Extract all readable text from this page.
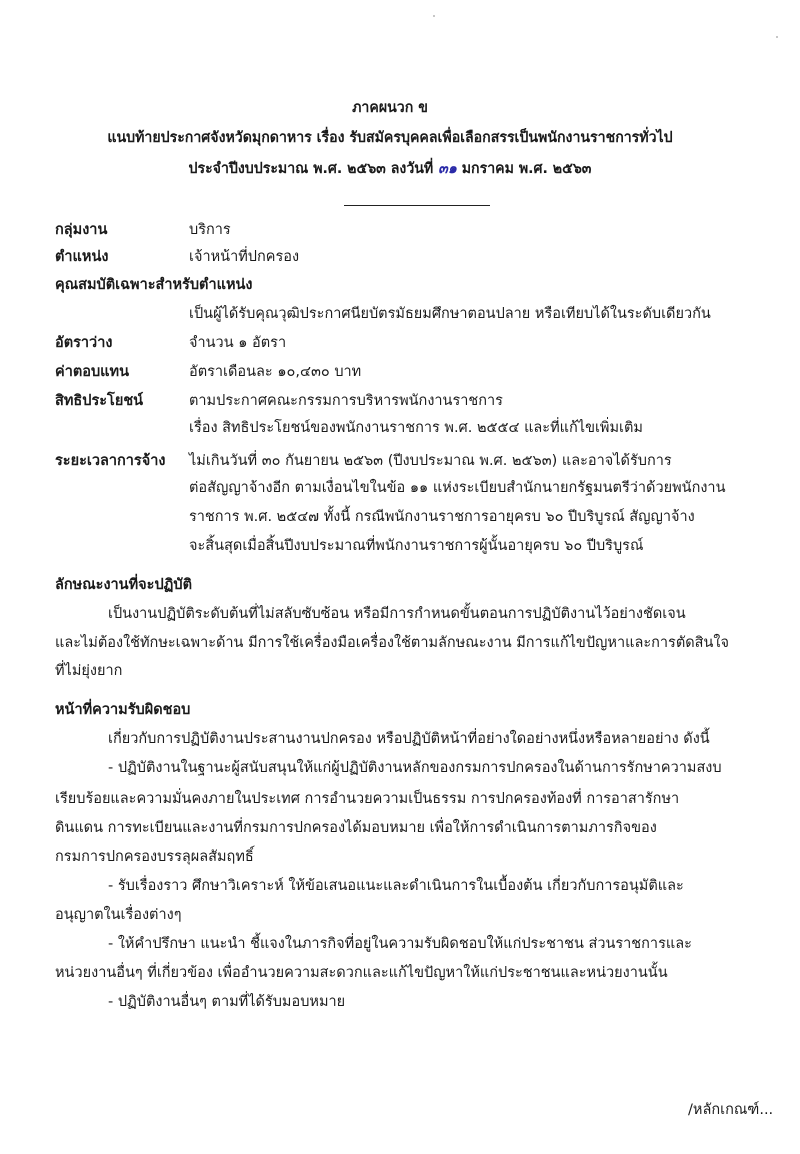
ภาคผนวก ข
แนบท้ายประกาศจังหวัดมุกดาหาร เรื่อง รับสมัครบุคคลเพื่อเลือกสรรเป็นพนักงานราชการทั่วไป
ประจำปีงบประมาณ พ.ศ. ๒๕๖๓ ลงวันที่ ๓๑ มกราคม พ.ศ. ๒๕๖๓
กลุ่มงาน	บริการ
ตำแหน่ง	เจ้าหน้าที่ปกครอง
คุณสมบัติเฉพาะสำหรับตำแหน่ง
เป็นผู้ได้รับคุณวุฒิประกาศนียบัตรมัธยมศึกษาตอนปลาย หรือเทียบได้ในระดับเดียวกัน
อัตราว่าง	จำนวน ๑ อัตรา
ค่าตอบแทน	อัตราเดือนละ ๑๐,๔๓๐ บาท
สิทธิประโยชน์	ตามประกาศคณะกรรมการบริหารพนักงานราชการ
เรื่อง สิทธิประโยชน์ของพนักงานราชการ พ.ศ. ๒๕๕๔ และที่แก้ไขเพิ่มเติม
ระยะเวลาการจ้าง ไม่เกินวันที่ ๓๐ กันยายน ๒๕๖๓ (ปีงบประมาณ พ.ศ. ๒๕๖๓) และอาจได้รับการ
ต่อสัญญาจ้างอีก ตามเงื่อนไขในข้อ ๑๑ แห่งระเบียบสำนักนายกรัฐมนตรีว่าด้วยพนักงาน
ราชการ พ.ศ. ๒๕๔๗ ทั้งนี้ กรณีพนักงานราชการอายุครบ ๖๐ ปีบริบูรณ์ สัญญาจ้าง
จะสิ้นสุดเมื่อสิ้นปีงบประมาณที่พนักงานราชการผู้นั้นอายุครบ ๖๐ ปีบริบูรณ์
ลักษณะงานที่จะปฏิบัติ
เป็นงานปฏิบัติระดับต้นที่ไม่สลับซับซ้อน หรือมีการกำหนดขั้นตอนการปฏิบัติงานไว้อย่างชัดเจน
และไม่ต้องใช้ทักษะเฉพาะด้าน มีการใช้เครื่องมือเครื่องใช้ตามลักษณะงาน มีการแก้ไขปัญหาและการตัดสินใจ
ที่ไม่ยุ่งยาก
หน้าที่ความรับผิดชอบ
เกี่ยวกับการปฏิบัติงานประสานงานปกครอง หรือปฏิบัติหน้าที่อย่างใดอย่างหนึ่งหรือหลายอย่าง ดังนี้
- ปฏิบัติงานในฐานะผู้สนับสนุนให้แก่ผู้ปฏิบัติงานหลักของกรมการปกครองในด้านการรักษาความสงบ
เรียบร้อยและความมั่นคงภายในประเทศ การอำนวยความเป็นธรรม การปกครองท้องที่ การอาสารักษา
ดินแดน การทะเบียนและงานที่กรมการปกครองได้มอบหมาย เพื่อให้การดำเนินการตามภารกิจของ
กรมการปกครองบรรลุผลสัมฤทธิ์
- รับเรื่องราว ศึกษาวิเคราะห์ ให้ข้อเสนอแนะและดำเนินการในเบื้องต้น เกี่ยวกับการอนุมัติและ
อนุญาตในเรื่องต่างๆ
- ให้คำปรึกษา แนะนำ ชี้แจงในภารกิจที่อยู่ในความรับผิดชอบให้แก่ประชาชน ส่วนราชการและ
หน่วยงานอื่นๆ ที่เกี่ยวข้อง เพื่ออำนวยความสะดวกและแก้ไขปัญหาให้แก่ประชาชนและหน่วยงานนั้น
- ปฏิบัติงานอื่นๆ ตามที่ได้รับมอบหมาย
/หลักเกณฑ์...
